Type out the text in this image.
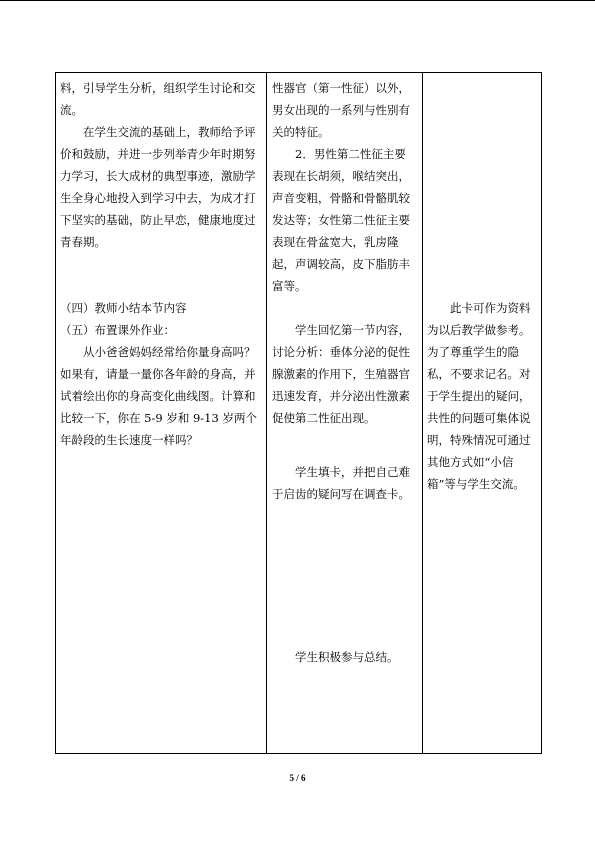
料，引导学生分析，组织学生讨论和交流。

在学生交流的基础上，教师给予评价和鼓励，并进一步列举青少年时期努力学习，长大成材的典型事迹，激励学生全身心地投入到学习中去，为成才打下坚实的基础，防止早恋，健康地度过青春期。

（四）教师小结本节内容

（五）布置课外作业：

从小爸爸妈妈经常给你量身高吗？如果有，请量一量你各年龄的身高，并试着绘出你的身高变化曲线图。计算和比较一下，你在 5-9 岁和 9-13 岁两个年龄段的生长速度一样吗？

性器官（第一性征）以外，男女出现的一系列与性别有关的特征。

2．男性第二性征主要表现在长胡须，喉结突出，声音变粗，骨骼和骨骼肌较发达等；女性第二性征主要表现在骨盆宽大，乳房隆起，声调较高，皮下脂肪丰富等。

学生回忆第一节内容，讨论分析：垂体分泌的促性腺激素的作用下，生殖器官迅速发育，并分泌出性激素促使第二性征出现。

学生填卡，并把自己难于启齿的疑问写在调查卡。

学生积极参与总结。

此卡可作为资料为以后教学做参考。为了尊重学生的隐私，不要求记名。对于学生提出的疑问，共性的问题可集体说明，特殊情况可通过其他方式如“小信箱”等与学生交流。

5 / 6
